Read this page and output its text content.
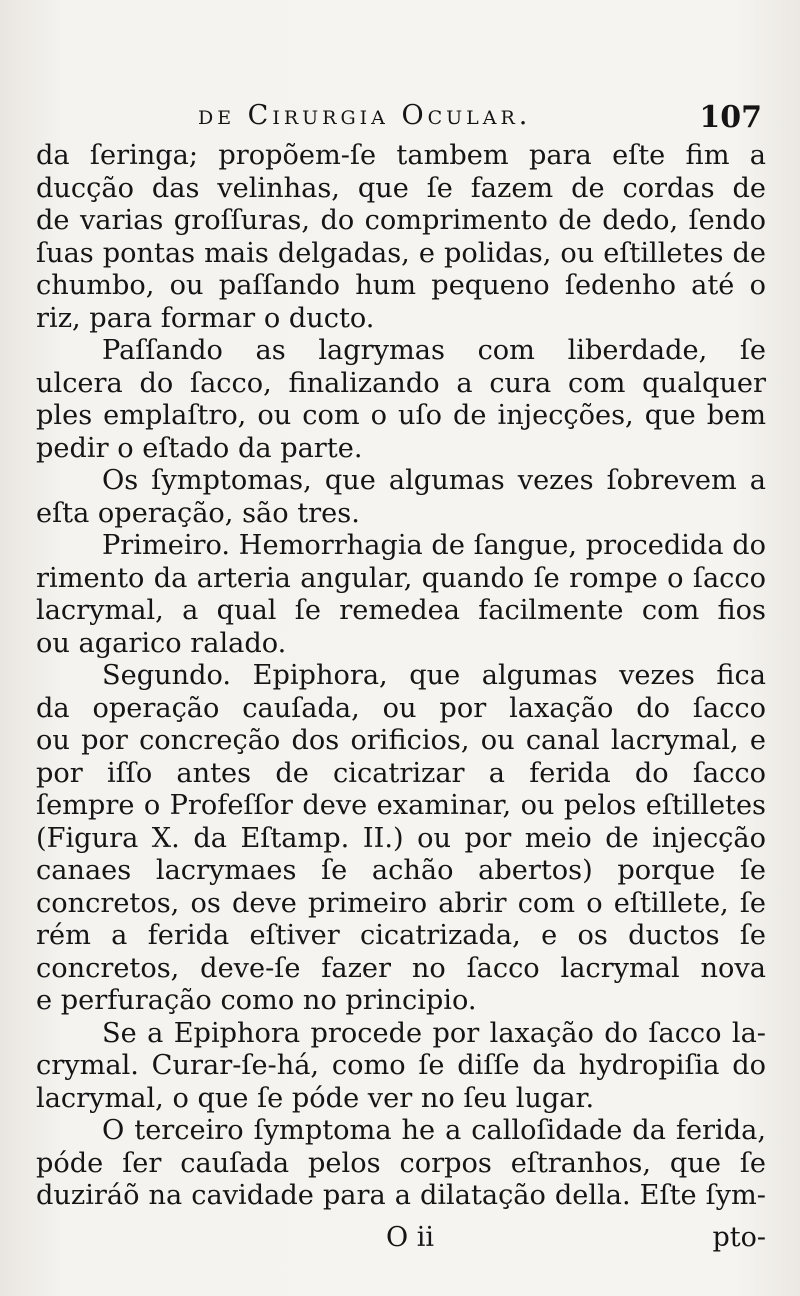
de Cirurgia Ocular.	107
da ſeringa; propõem-ſe tambem para eſte fim a
ducção das velinhas, que ſe fazem de cordas de
de varias groſſuras, do comprimento de dedo, ſendo
ſuas pontas mais delgadas, e polidas, ou eſtilletes de
chumbo, ou paſſando hum pequeno ſedenho até o
riz, para formar o ducto.
Paſſando as lagrymas com liberdade, ſe
ulcera do ſacco, finalizando a cura com qualquer
ples emplaſtro, ou com o uſo de injecções, que bem
pedir o eſtado da parte.
Os ſymptomas, que algumas vezes ſobrevem a
eſta operação, são tres.
Primeiro. Hemorrhagia de ſangue, procedida do
rimento da arteria angular, quando ſe rompe o ſacco
lacrymal, a qual ſe remedea facilmente com fios
ou agarico ralado.
Segundo. Epiphora, que algumas vezes fica
da operação cauſada, ou por laxação do ſacco
ou por concreção dos orificios, ou canal lacrymal, e
por iſſo antes de cicatrizar a ferida do ſacco
ſempre o Profeſſor deve examinar, ou pelos eſtilletes
(Figura X. da Eſtamp. II.) ou por meio de injecção
canaes lacrymaes ſe achão abertos) porque ſe
concretos, os deve primeiro abrir com o eſtillete, ſe
rém a ferida eſtiver cicatrizada, e os ductos ſe
concretos, deve-ſe fazer no ſacco lacrymal nova
e perfuração como no principio.
Se a Epiphora procede por laxação do ſacco la-
crymal. Curar-ſe-há, como ſe diſſe da hydropiſia do
lacrymal, o que ſe póde ver no ſeu lugar.
O terceiro ſymptoma he a calloſidade da ferida,
póde ſer cauſada pelos corpos eſtranhos, que ſe
duziráõ na cavidade para a dilatação della. Eſte ſym-
O ii	pto-
